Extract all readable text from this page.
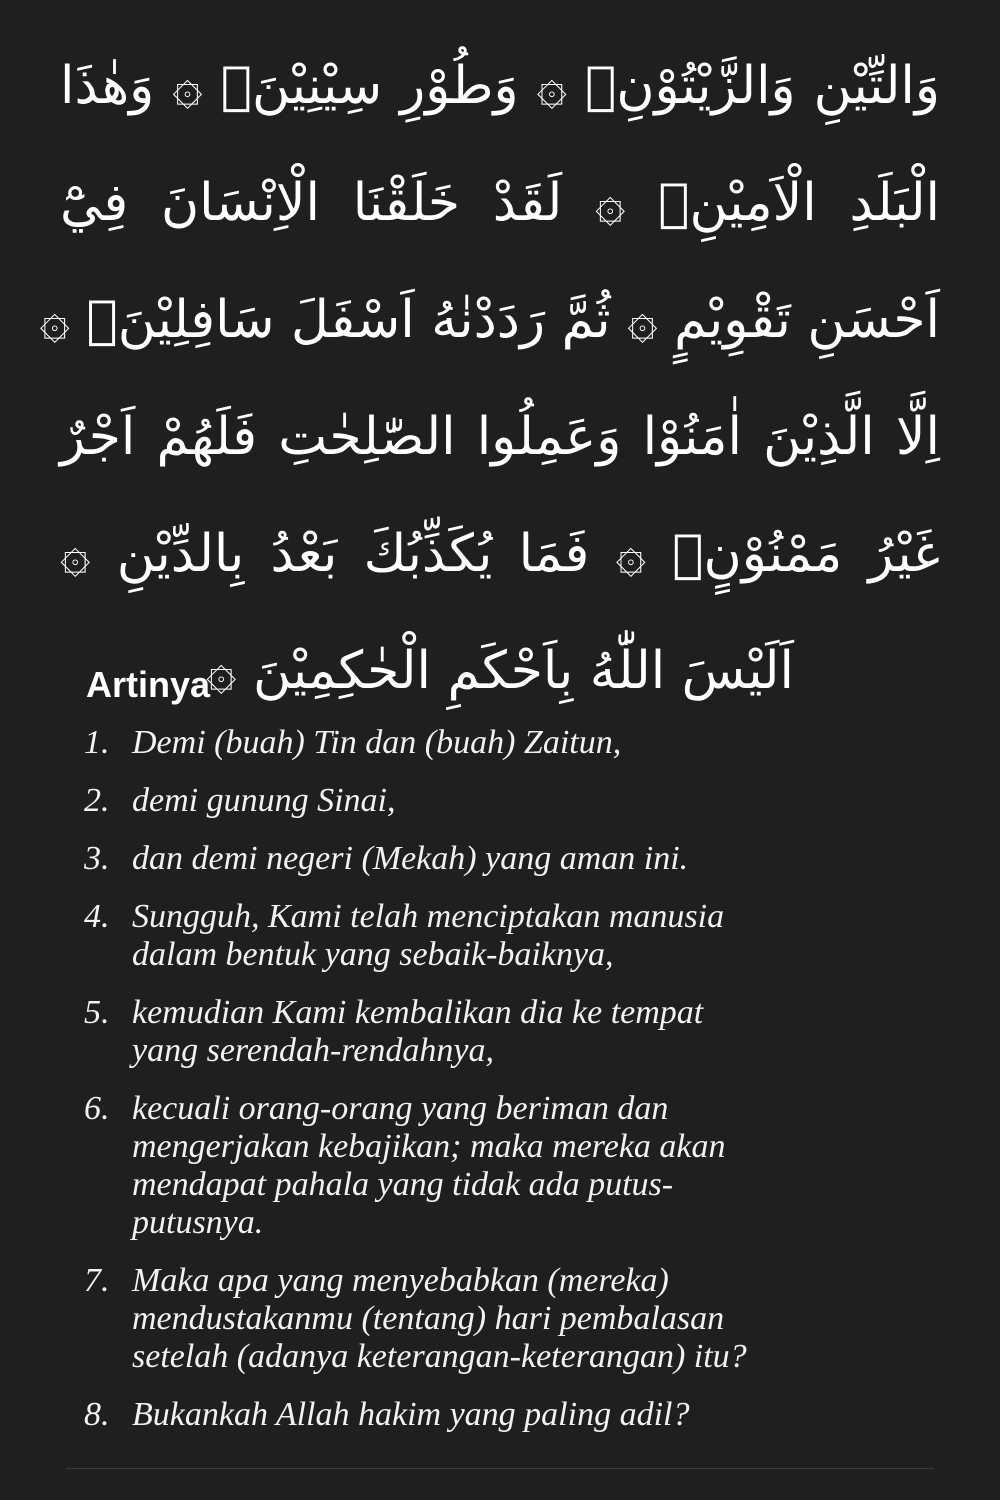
وَالتِّيْنِ وَالزَّيْتُوْنِۙ ۞ وَطُوْرِ سِيْنِيْنَۙ ۞ وَهٰذَا
الْبَلَدِ الْاَمِيْنِۙ ۞ لَقَدْ خَلَقْنَا الْاِنْسَانَ فِيْٓ
اَحْسَنِ تَقْوِيْمٍ ۞ ثُمَّ رَدَدْنٰهُ اَسْفَلَ سَافِلِيْنَۙ ۞
اِلَّا الَّذِيْنَ اٰمَنُوْا وَعَمِلُوا الصّٰلِحٰتِ فَلَهُمْ اَجْرٌ
غَيْرُ مَمْنُوْنٍۗ ۞ فَمَا يُكَذِّبُكَ بَعْدُ بِالدِّيْنِ ۞
اَلَيْسَ اللّٰهُ بِاَحْكَمِ الْحٰكِمِيْنَ ۞
Artinya
1. Demi (buah) Tin dan (buah) Zaitun,
2. demi gunung Sinai,
3. dan demi negeri (Mekah) yang aman ini.
4. Sungguh, Kami telah menciptakan manusia
dalam bentuk yang sebaik-baiknya,
5. kemudian Kami kembalikan dia ke tempat
yang serendah-rendahnya,
6. kecuali orang-orang yang beriman dan
mengerjakan kebajikan; maka mereka akan
mendapat pahala yang tidak ada putus-
putusnya.
7. Maka apa yang menyebabkan (mereka)
mendustakanmu (tentang) hari pembalasan
setelah (adanya keterangan-keterangan) itu?
8. Bukankah Allah hakim yang paling adil?
